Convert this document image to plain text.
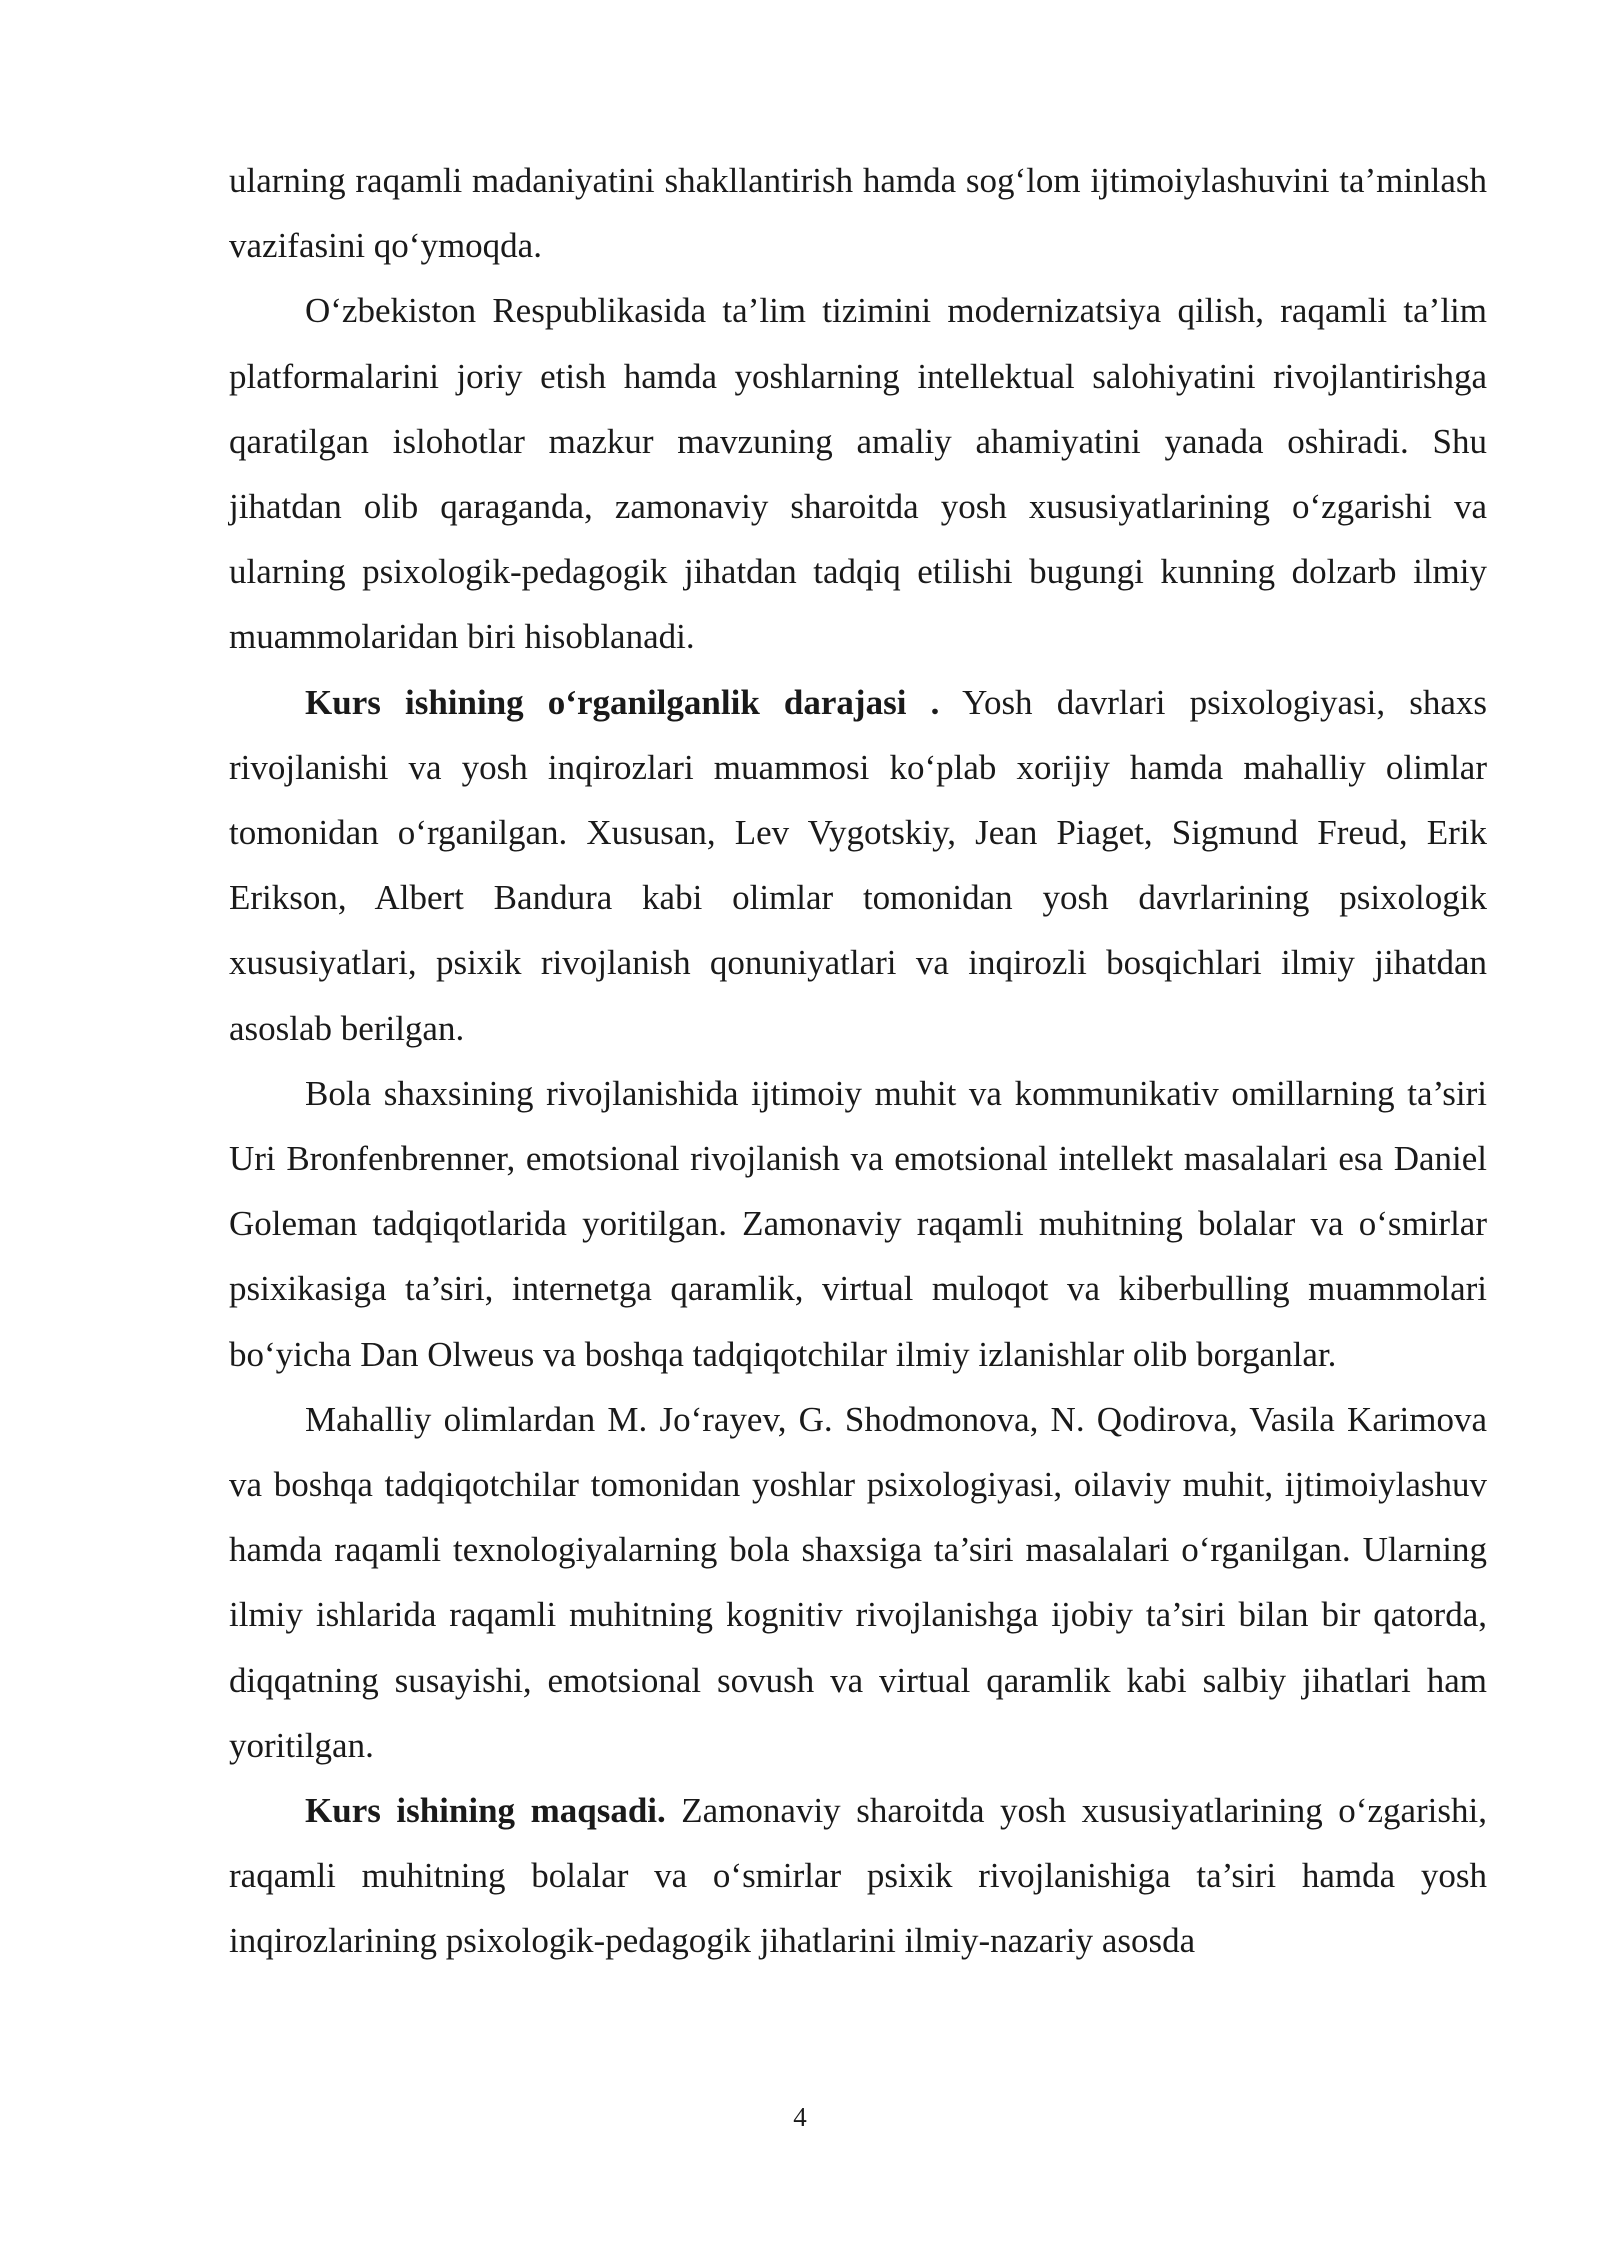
ularning raqamli madaniyatini shakllantirish hamda sog‘lom ijtimoiylashuvini ta’minlash vazifasini qo‘ymoqda.

O‘zbekiston Respublikasida ta’lim tizimini modernizatsiya qilish, raqamli ta’lim platformalarini joriy etish hamda yoshlarning intellektual salohiyatini rivojlantirishga qaratilgan islohotlar mazkur mavzuning amaliy ahamiyatini yanada oshiradi. Shu jihatdan olib qaraganda, zamonaviy sharoitda yosh xususiyatlarining o‘zgarishi va ularning psixologik-pedagogik jihatdan tadqiq etilishi bugungi kunning dolzarb ilmiy muammolaridan biri hisoblanadi.

Kurs ishining o‘rganilganlik darajasi . Yosh davrlari psixologiyasi, shaxs rivojlanishi va yosh inqirozlari muammosi ko‘plab xorijiy hamda mahalliy olimlar tomonidan o‘rganilgan. Xususan, Lev Vygotskiy, Jean Piaget, Sigmund Freud, Erik Erikson, Albert Bandura kabi olimlar tomonidan yosh davrlarining psixologik xususiyatlari, psixik rivojlanish qonuniyatlari va inqirozli bosqichlari ilmiy jihatdan asoslab berilgan.

Bola shaxsining rivojlanishida ijtimoiy muhit va kommunikativ omillarning ta’siri Uri Bronfenbrenner, emotsional rivojlanish va emotsional intellekt masalalari esa Daniel Goleman tadqiqotlarida yoritilgan. Zamonaviy raqamli muhitning bolalar va o‘smirlar psixikasiga ta’siri, internetga qaramlik, virtual muloqot va kiberbulling muammolari bo‘yicha Dan Olweus va boshqa tadqiqotchilar ilmiy izlanishlar olib borganlar.

Mahalliy olimlardan M. Jo‘rayev, G. Shodmonova, N. Qodirova, Vasila Karimova va boshqa tadqiqotchilar tomonidan yoshlar psixologiyasi, oilaviy muhit, ijtimoiylashuv hamda raqamli texnologiyalarning bola shaxsiga ta’siri masalalari o‘rganilgan. Ularning ilmiy ishlarida raqamli muhitning kognitiv rivojlanishga ijobiy ta’siri bilan bir qatorda, diqqatning susayishi, emotsional sovush va virtual qaramlik kabi salbiy jihatlari ham yoritilgan.

Kurs ishining maqsadi. Zamonaviy sharoitda yosh xususiyatlarining o‘zgarishi, raqamli muhitning bolalar va o‘smirlar psixik rivojlanishiga ta’siri hamda yosh inqirozlarining psixologik-pedagogik jihatlarini ilmiy-nazariy asosda

4
